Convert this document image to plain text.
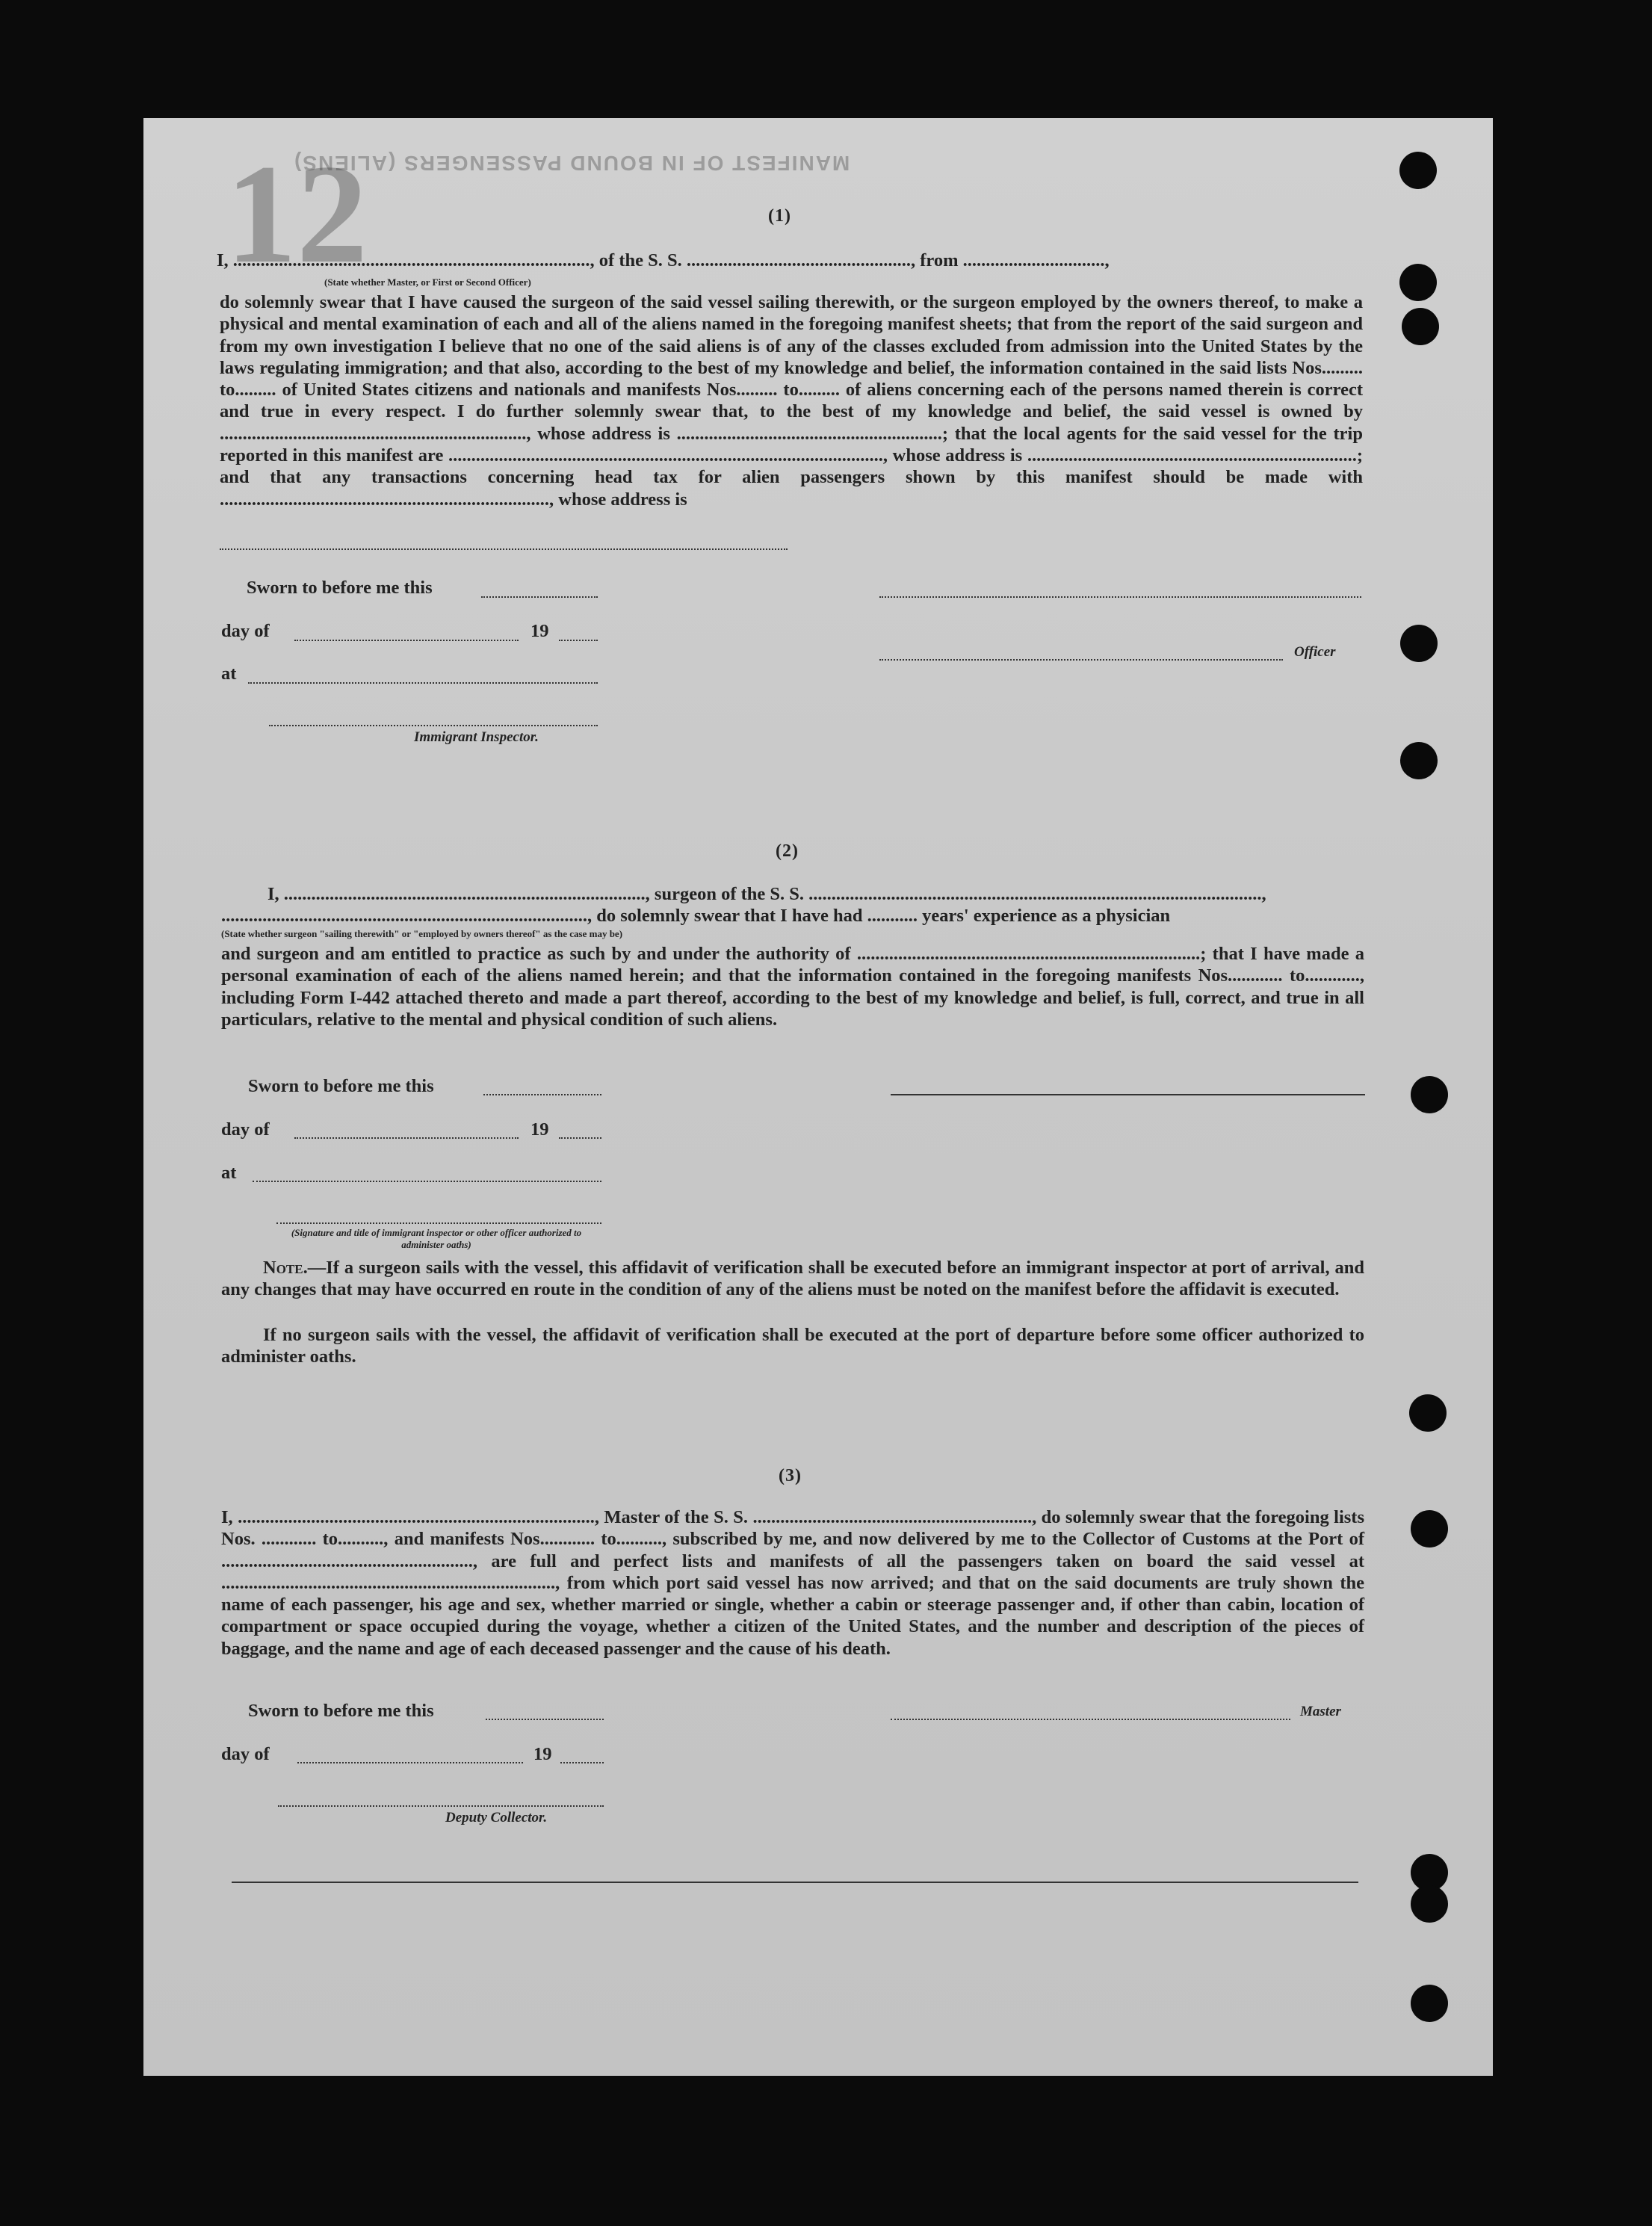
12
MANIFEST OF IN BOUND PASSENGERS (ALIENS)
(1)
I, .............................................................................., of the S. S. ................................................., from ...............................,
(State whether Master, or First or Second Officer)

do solemnly swear that I have caused the surgeon of the said vessel sailing therewith, or the surgeon employed by the owners thereof, to make a physical and mental examination of each and all of the aliens named in the foregoing manifest sheets; that from the report of the said surgeon and from my own investigation I believe that no one of the said aliens is of any of the classes excluded from admission into the United States by the laws regulating immigration; and that also, according to the best of my knowledge and belief, the information contained in the said lists Nos......... to......... of United States citizens and nationals and manifests Nos......... to......... of aliens concerning each of the persons named therein is correct and true in every respect. I do further solemnly swear that, to the best of my knowledge and belief, the said vessel is owned by ..................................................................., whose address is ..........................................................; that the local agents for the said vessel for the trip reported in this manifest are ..............................................................................................., whose address is ........................................................................; and that any transactions concerning head tax for alien passengers shown by this manifest should be made with ........................................................................, whose address is

Sworn to before me this
day of	19
Officer
at
Immigrant Inspector.
(2)
I, ..............................................................................., surgeon of the S. S. ...................................................................................................,
................................................................................, do solemnly swear that I have had ........... years' experience as a physician
(State whether surgeon "sailing therewith" or "employed by owners thereof" as the case may be)

and surgeon and am entitled to practice as such by and under the authority of ...........................................................................; that I have made a personal examination of each of the aliens named herein; and that the information contained in the foregoing manifests Nos............ to............, including Form I-442 attached thereto and made a part thereof, according to the best of my knowledge and belief, is full, correct, and true in all particulars, relative to the mental and physical condition of such aliens.

Sworn to before me this
day of	19
at
(Signature and title of immigrant inspector or other officer authorized to administer oaths)

Note.—If a surgeon sails with the vessel, this affidavit of verification shall be executed before an immigrant inspector at port of arrival, and any changes that may have occurred en route in the condition of any of the aliens must be noted on the manifest before the affidavit is executed.

If no surgeon sails with the vessel, the affidavit of verification shall be executed at the port of departure before some officer authorized to administer oaths.

(3)

I, .............................................................................., Master of the S. S. ............................................................., do solemnly swear that the foregoing lists Nos. ............ to.........., and manifests Nos............ to.........., subscribed by me, and now delivered by me to the Collector of Customs at the Port of ......................................................., are full and perfect lists and manifests of all the passengers taken on board the said vessel at ........................................................................., from which port said vessel has now arrived; and that on the said documents are truly shown the name of each passenger, his age and sex, whether married or single, whether a cabin or steerage passenger and, if other than cabin, location of compartment or space occupied during the voyage, whether a citizen of the United States, and the number and description of the pieces of baggage, and the name and age of each deceased passenger and the cause of his death.

Sworn to before me this	Master
day of	19
Deputy Collector.
